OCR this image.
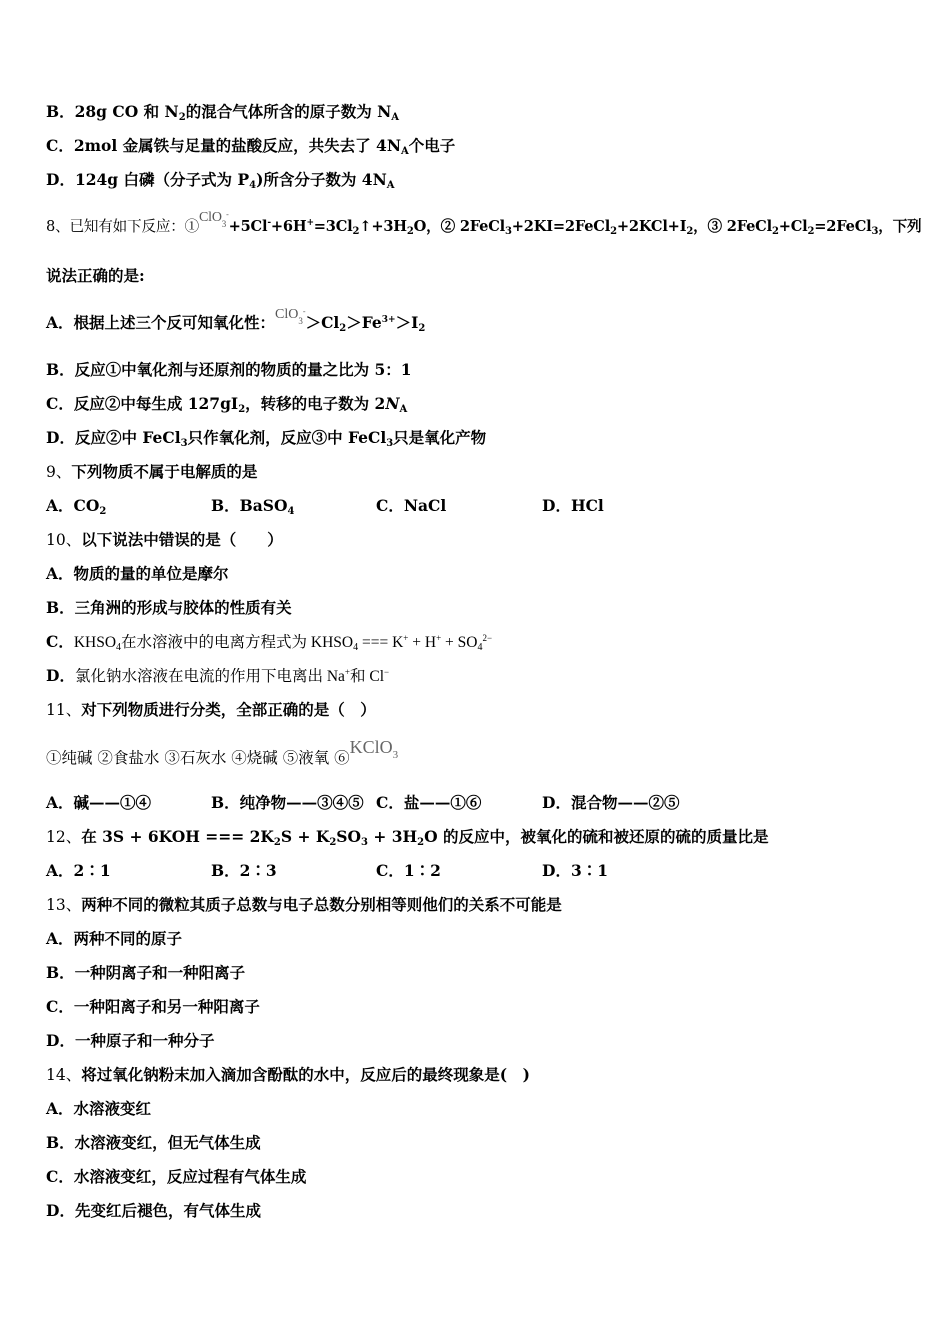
B．28g CO 和 $N_2$的混合气体所含的原子数为 $N_A$
C．2mol 金属铁与足量的盐酸反应，共失去了 $4N_A$个电子
D．124g 白磷（分子式为 $P_4$)所含分子数为 $4N_A$
8、已知有如下反应：$①ClO_3^-+5Cl^-+6H^+=3Cl_2↑+3H_2O$，② $2FeCl_3+2KI=2FeCl_2+2KCl+I_2$，③ $2FeCl_2+Cl_2=2FeCl_3$，下列
说法正确的是:
A．根据上述三个反可知氧化性：$ClO_3^->Cl_2>Fe^{3+}>I_2$
B．反应①中氧化剂与还原剂的物质的量之比为 5：1
C．反应②中每生成 $127gI_2$，转移的电子数为 $2N_A$
D．反应②中 FeCl$_3$只作氧化剂，反应③中 FeCl$_3$只是氧化产物
9、下列物质不属于电解质的是
A．$CO_2$	B．BaSO$_4$	C．NaCl	D．HCl
10、以下说法中错误的是（　　）
A．物质的量的单位是摩尔
B．三角洲的形成与胶体的性质有关
C．$KHSO_4$在水溶液中的电离方程式为 $KHSO_4$ === $K^+ + H^+ + SO_4^{2-}$
D．氯化钠水溶液在电流的作用下电离出 Na+和 Cl−
11、对下列物质进行分类，全部正确的是（　）
①纯碱 ②食盐水 ③石灰水 ④烧碱 ⑤液氧 ⑥KClO$_3$
A．碱——①④	B．纯净物——③④⑤ C．盐——①⑥	D．混合物——②⑤
12、在 3S + 6KOH === $2K_2S + K_2SO_3 + 3H_2O$ 的反应中，被氧化的硫和被还原的硫的质量比是
A．2∶1	B．2∶3	C．1∶2	D．3∶1
13、两种不同的微粒其质子总数与电子总数分别相等则他们的关系不可能是
A．两种不同的原子
B．一种阴离子和一种阳离子
C．一种阳离子和另一种阳离子
D．一种原子和一种分子
14、将过氧化钠粉末加入滴加含酚酞的水中，反应后的最终现象是(　)
A．水溶液变红
B．水溶液变红，但无气体生成
C．水溶液变红，反应过程有气体生成
D．先变红后褪色，有气体生成
